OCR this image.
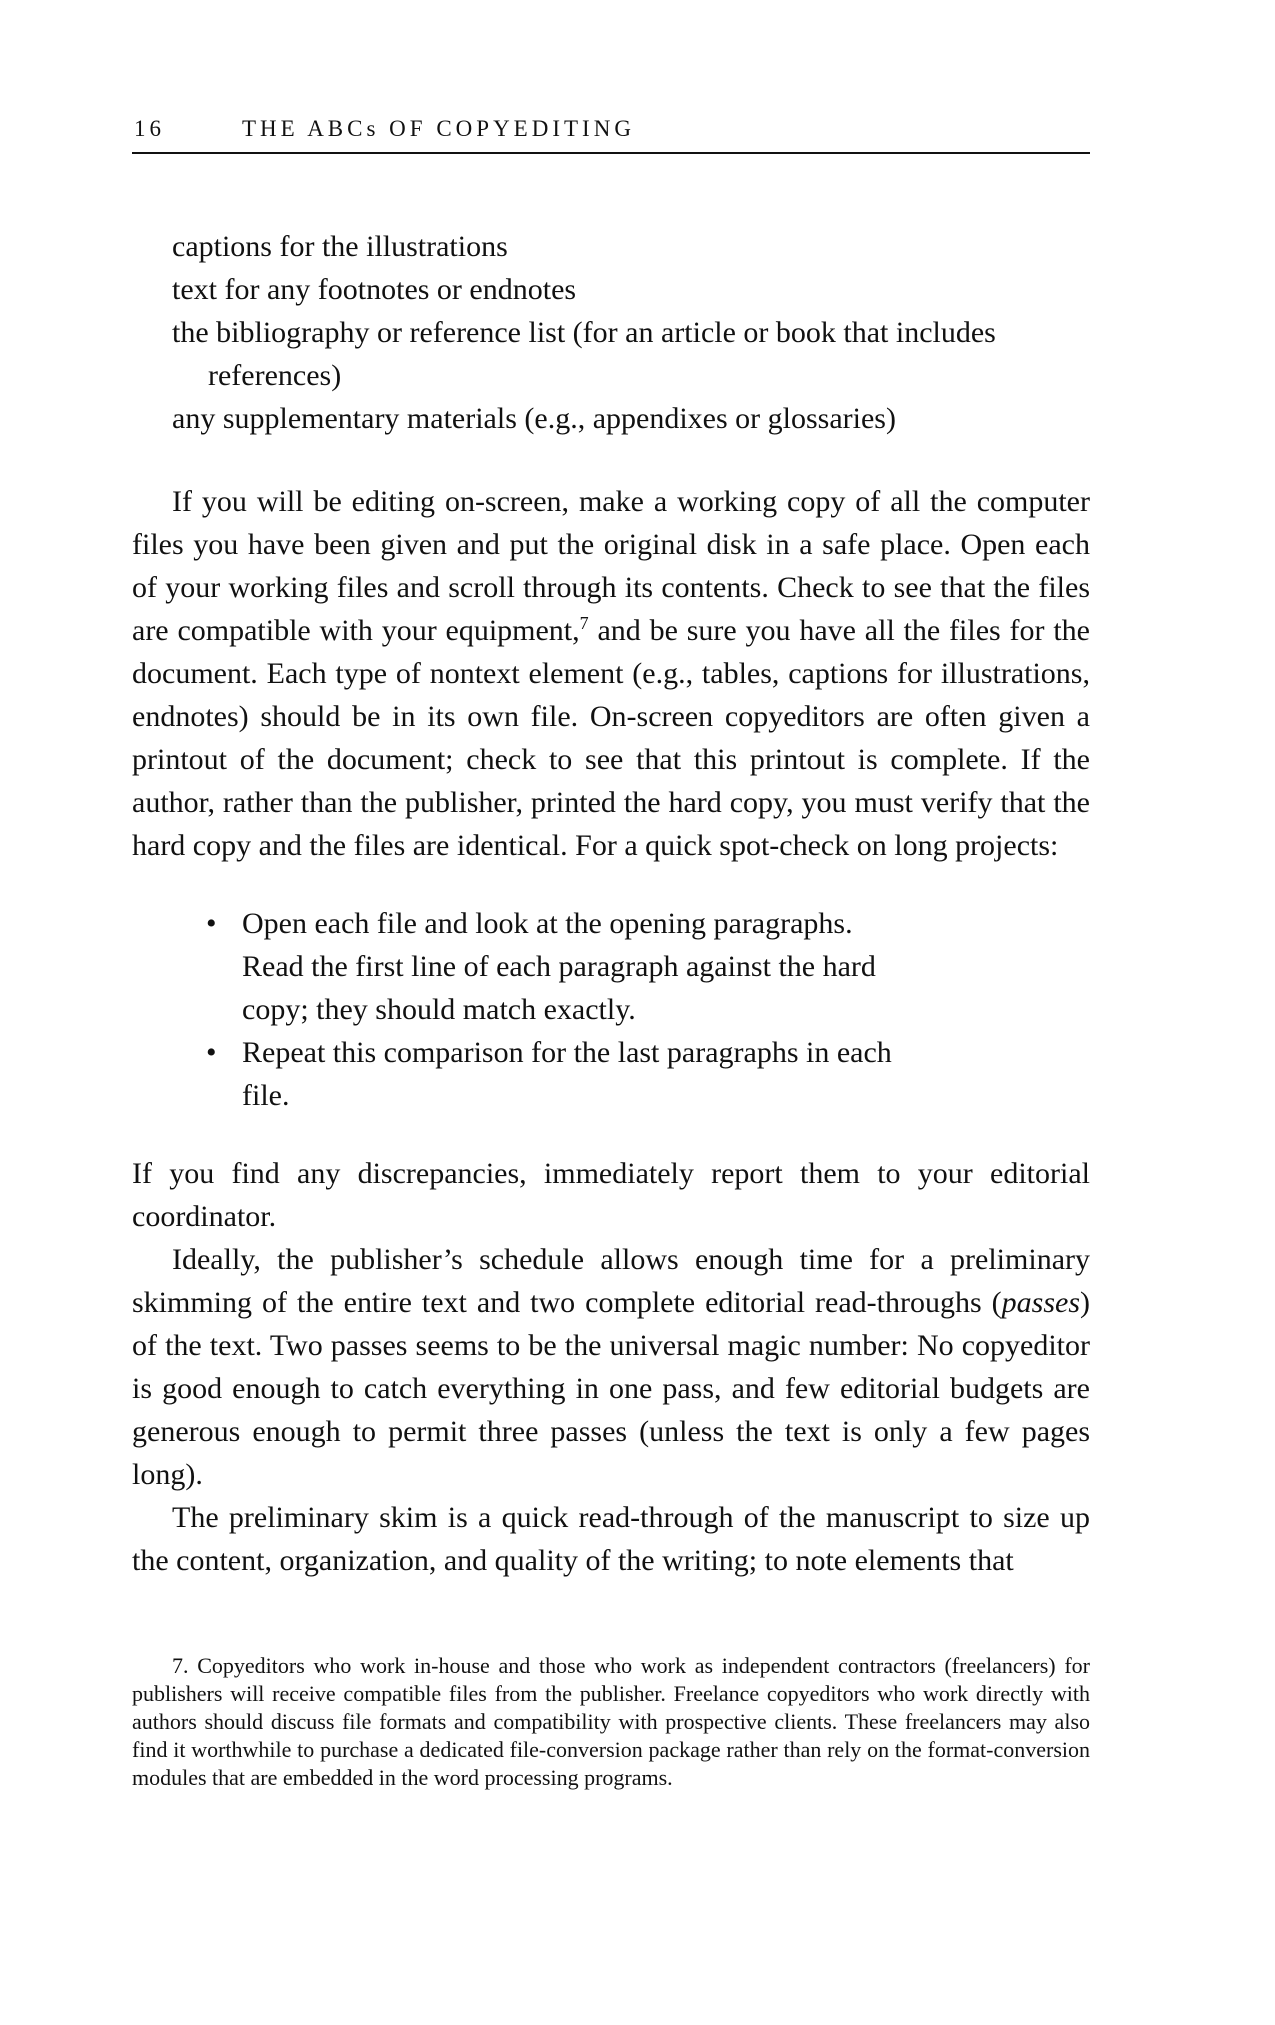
16	THE ABCs OF COPYEDITING
captions for the illustrations
text for any footnotes or endnotes
the bibliography or reference list (for an article or book that includes references)
any supplementary materials (e.g., appendixes or glossaries)

If you will be editing on-screen, make a working copy of all the computer files you have been given and put the original disk in a safe place. Open each of your working files and scroll through its contents. Check to see that the files are compatible with your equipment,$^7$ and be sure you have all the files for the document. Each type of nontext element (e.g., tables, captions for illustrations, endnotes) should be in its own file. On-screen copyeditors are often given a printout of the document; check to see that this printout is complete. If the author, rather than the publisher, printed the hard copy, you must verify that the hard copy and the files are identical. For a quick spot-check on long projects:

• Open each file and look at the opening paragraphs. Read the first line of each paragraph against the hard copy; they should match exactly.
• Repeat this comparison for the last paragraphs in each file.

If you find any discrepancies, immediately report them to your editorial coordinator.

Ideally, the publisher’s schedule allows enough time for a preliminary skimming of the entire text and two complete editorial read-throughs (passes) of the text. Two passes seems to be the universal magic number: No copyeditor is good enough to catch everything in one pass, and few editorial budgets are generous enough to permit three passes (unless the text is only a few pages long).

The preliminary skim is a quick read-through of the manuscript to size up the content, organization, and quality of the writing; to note elements that

7. Copyeditors who work in-house and those who work as independent contractors (freelancers) for publishers will receive compatible files from the publisher. Freelance copyeditors who work directly with authors should discuss file formats and compatibility with prospective clients. These freelancers may also find it worthwhile to purchase a dedicated file-conversion package rather than rely on the format-conversion modules that are embedded in the word processing programs.
